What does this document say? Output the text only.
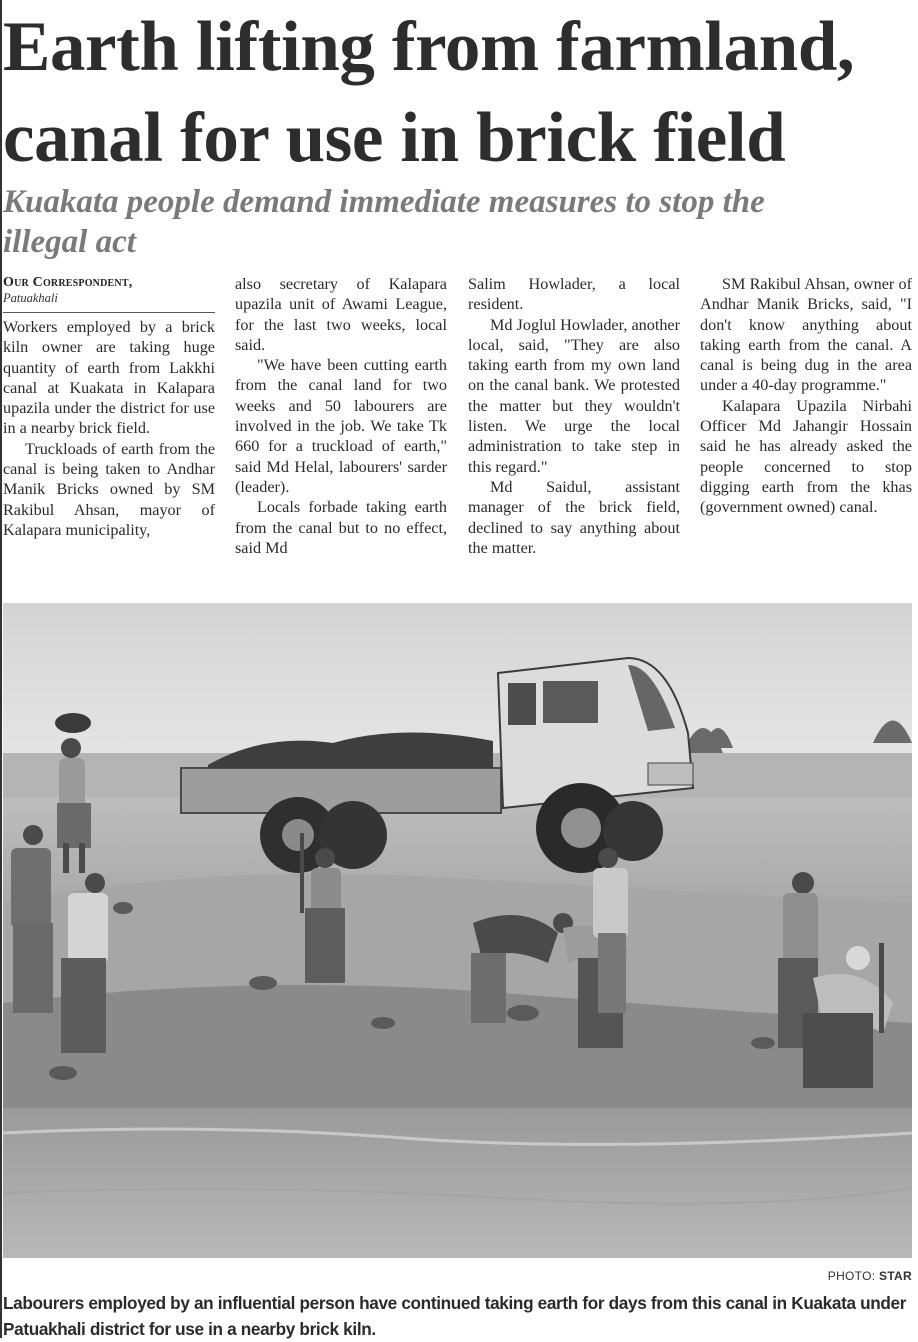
Earth lifting from farmland, canal for use in brick field
Kuakata people demand immediate measures to stop the illegal act
Our Correspondent,
Patuakhali

Workers employed by a brick kiln owner are taking huge quantity of earth from Lakkhi canal at Kuakata in Kalapara upazila under the district for use in a nearby brick field.

Truckloads of earth from the canal is being taken to Andhar Manik Bricks owned by SM Rakibul Ahsan, mayor of Kalapara municipality,

also secretary of Kalapara upazila unit of Awami League, for the last two weeks, local said.

"We have been cutting earth from the canal land for two weeks and 50 labourers are involved in the job. We take Tk 660 for a truckload of earth," said Md Helal, labourers' sarder (leader).

Locals forbade taking earth from the canal but to no effect, said Md

Salim Howlader, a local resident.

Md Joglul Howlader, another local, said, "They are also taking earth from my own land on the canal bank. We protested the matter but they wouldn't listen. We urge the local administration to take step in this regard."

Md Saidul, assistant manager of the brick field, declined to say anything about the matter.

SM Rakibul Ahsan, owner of Andhar Manik Bricks, said, "I don't know anything about taking earth from the canal. A canal is being dug in the area under a 40-day programme."

Kalapara Upazila Nirbahi Officer Md Jahangir Hossain said he has already asked the people concerned to stop digging earth from the khas (government owned) canal.

PHOTO: STAR
Labourers employed by an influential person have continued taking earth for days from this canal in Kuakata under Patuakhali district for use in a nearby brick kiln.
